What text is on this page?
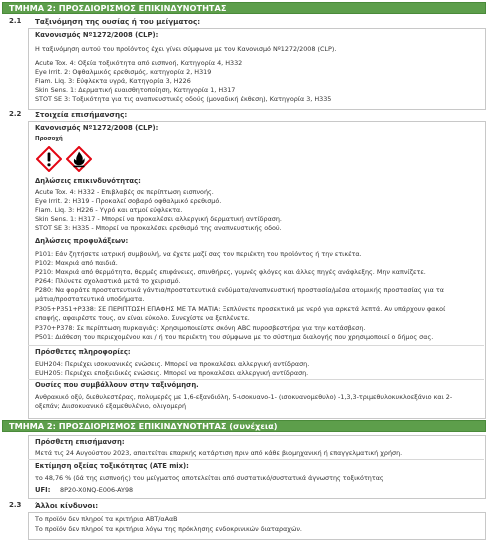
ΤΜΗΜΑ 2: ΠΡΟΣΔΙΟΡΙΣΜΟΣ ΕΠΙΚΙΝΔΥΝΟΤΗΤΑΣ
2.1 Ταξινόμηση της ουσίας ή του μείγματος:
Κανονισμός Nº1272/2008 (CLP):
Η ταξινόμηση αυτού του προϊόντος έχει γίνει σύμφωνα με τον Κανονισμό Nº1272/2008 (CLP).
Acute Tox. 4: Οξεία τοξικότητα από εισπνοή, Κατηγορία 4, H332
Eye Irrit. 2: Οφθαλμικός ερεθισμός, κατηγορία 2, H319
Flam. Liq. 3: Εύφλεκτα υγρά, Κατηγορία 3, H226
Skin Sens. 1: Δερματική ευαισθητοποίηση, Κατηγορία 1, H317
STOT SE 3: Τοξικότητα για τις αναπνευστικές οδούς (μοναδική έκθεση), Κατηγορία 3, H335
2.2 Στοιχεία επισήμανσης:
Κανονισμός Nº1272/2008 (CLP):
Προσοχή
Δηλώσεις επικινδυνότητας:
Acute Tox. 4: H332 - Επιβλαβές σε περίπτωση εισπνοής.
Eye Irrit. 2: H319 - Προκαλεί σοβαρό οφθαλμικό ερεθισμό.
Flam. Liq. 3: H226 - Υγρό και ατμοί εύφλεκτα.
Skin Sens. 1: H317 - Μπορεί να προκαλέσει αλλεργική δερματική αντίδραση.
STOT SE 3: H335 - Μπορεί να προκαλέσει ερεθισμό της αναπνευστικής οδού.
Δηλώσεις προφυλάξεων:
P101: Εάν ζητήσετε ιατρική συμβουλή, να έχετε μαζί σας τον περιέκτη του προϊόντος ή την ετικέτα.
P102: Μακριά από παιδιά.
P210: Μακριά από θερμότητα, θερμές επιφάνειες, σπινθήρες, γυμνές φλόγες και άλλες πηγές ανάφλεξης. Μην καπνίζετε.
P264: Πλύνετε σχολαστικά μετά το χειρισμό.
P280: Να φοράτε προστατευτικά γάντια/προστατευτικά ενδύματα/αναπνευστική προστασία/μέσα ατομικής προστασίας για τα
μάτια/προστατευτικά υποδήματα.
P305+P351+P338: ΣΕ ΠΕΡΙΠΤΩΣΗ ΕΠΑΦΗΣ ΜΕ ΤΑ ΜΑΤΙΑ: Ξεπλύνετε προσεκτικά με νερό για αρκετά λεπτά. Αν υπάρχουν φακοί
επαφής, αφαιρέστε τους, αν είναι εύκολο. Συνεχίστε να ξεπλένετε.
P370+P378: Σε περίπτωση πυρκαγιάς: Χρησιμοποιείστε σκόνη ABC πυροσβεστήρα για την κατάσβεση.
P501: Διάθεση του περιεχομένου και / ή του περιέκτη του σύμφωνα με το σύστημα διαλογής που χρησιμοποιεί ο δήμος σας.
Πρόσθετες πληροφορίες:
EUH204: Περιέχει ισοκυανικές ενώσεις. Μπορεί να προκαλέσει αλλεργική αντίδραση.
EUH205: Περιέχει εποξειδικές ενώσεις. Μπορεί να προκαλέσει αλλεργική αντίδραση.
Ουσίες που συμβάλλουν στην ταξινόμηση.
Ανθρακικό οξύ, διεθυλεστέρας, πολυμερές με 1,6-εξανδιόλη, 5-ισοκυανο-1- (ισοκυανομεθυλο) -1,3,3-τριμεθυλοκυκλοεξάνιο και 2-
οξεπάν; Διισοκυανικό εξαμεθυλένιο, ολιγομερή
ΤΜΗΜΑ 2: ΠΡΟΣΔΙΟΡΙΣΜΟΣ ΕΠΙΚΙΝΔΥΝΟΤΗΤΑΣ (συνέχεια)
Πρόσθετη επισήμανση:
Μετά τις 24 Αυγούστου 2023, απαιτείται επαρκής κατάρτιση πριν από κάθε βιομηχανική ή επαγγελματική χρήση.
Εκτίμηση οξείας τοξικότητας (ATE mix):
το 48,76 % (δά της εισπνοής) του μείγματος αποτελείται από συστατικό/συστατικά άγνωστης τοξικότητας
UFI: 8P20-X0NQ-E006-AY98
2.3 Άλλοι κίνδυνοι:
Το προϊόν δεν πληροί τα κριτήρια ΑΒΤ/αΑαΒ
Το προϊόν δεν πληροί τα κριτήρια λόγω της πρόκλησης ενδοκρινικών διαταραχών.
